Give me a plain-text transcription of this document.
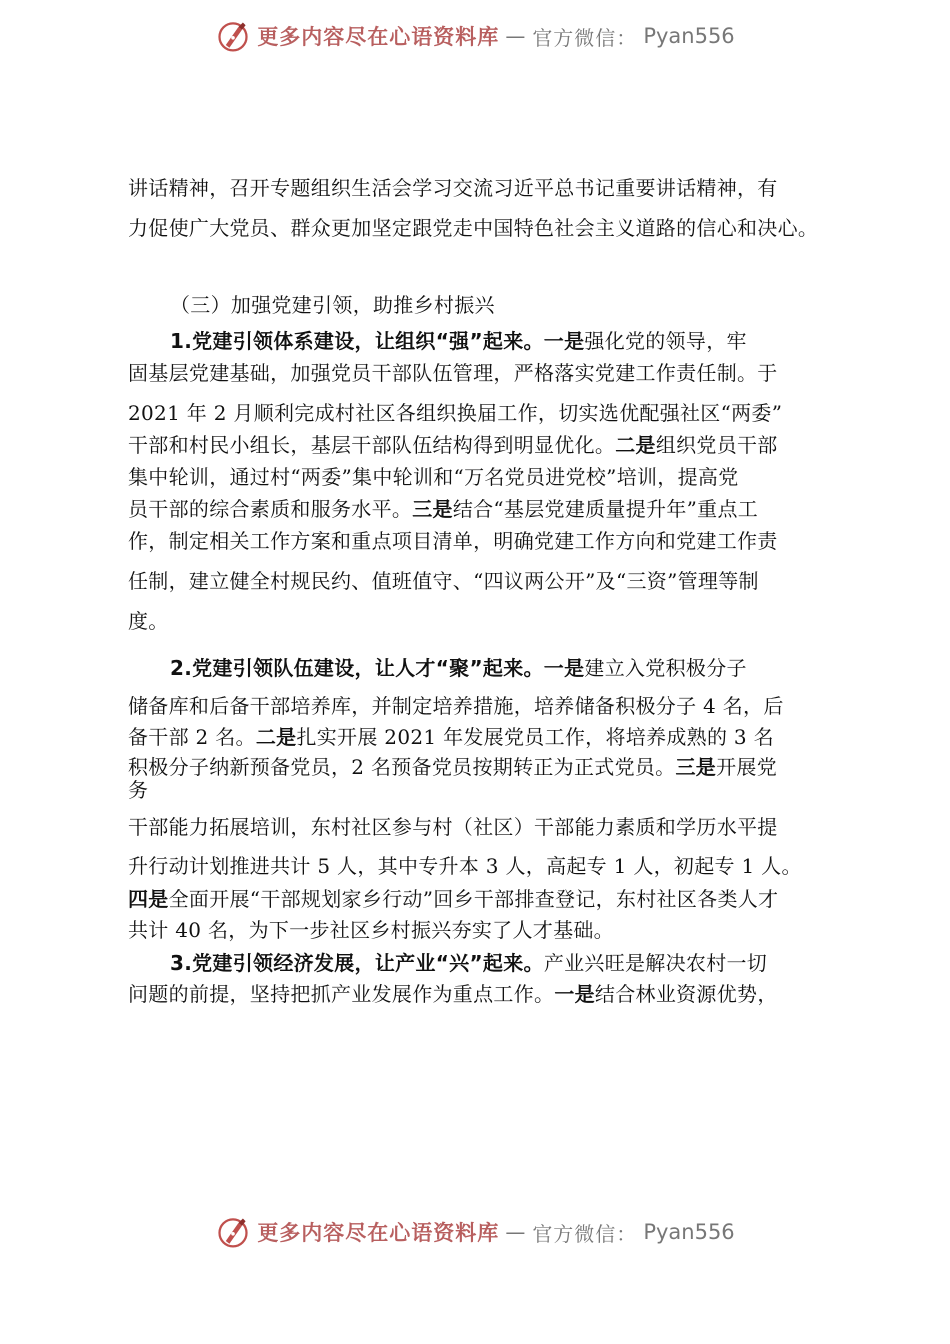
更多内容尽在心语资料库 — 官方微信： Pyan556
讲话精神，召开专题组织生活会学习交流习近平总书记重要讲话精神，有
力促使广大党员、群众更加坚定跟党走中国特色社会主义道路的信心和决心。
（三）加强党建引领，助推乡村振兴
1.党建引领体系建设，让组织“强”起来。一是强化党的领导，牢
固基层党建基础，加强党员干部队伍管理，严格落实党建工作责任制。于
2021 年 2 月顺利完成村社区各组织换届工作，切实选优配强社区“两委”
干部和村民小组长，基层干部队伍结构得到明显优化。二是组织党员干部
集中轮训，通过村“两委”集中轮训和“万名党员进党校”培训，提高党
员干部的综合素质和服务水平。三是结合“基层党建质量提升年”重点工
作，制定相关工作方案和重点项目清单，明确党建工作方向和党建工作责
任制，建立健全村规民约、值班值守、“四议两公开”及“三资”管理等制
度。
2.党建引领队伍建设，让人才“聚”起来。一是建立入党积极分子
储备库和后备干部培养库，并制定培养措施，培养储备积极分子 4 名，后
备干部 2 名。二是扎实开展 2021 年发展党员工作，将培养成熟的 3 名
积极分子纳新预备党员，2 名预备党员按期转正为正式党员。三是开展党
务
干部能力拓展培训，东村社区参与村（社区）干部能力素质和学历水平提
升行动计划推进共计 5 人，其中专升本 3 人，高起专 1 人，初起专 1 人。
四是全面开展“干部规划家乡行动”回乡干部排查登记，东村社区各类人才
共计 40 名，为下一步社区乡村振兴夯实了人才基础。
3.党建引领经济发展，让产业“兴”起来。产业兴旺是解决农村一切
问题的前提，坚持把抓产业发展作为重点工作。一是结合林业资源优势，
更多内容尽在心语资料库 — 官方微信： Pyan556
